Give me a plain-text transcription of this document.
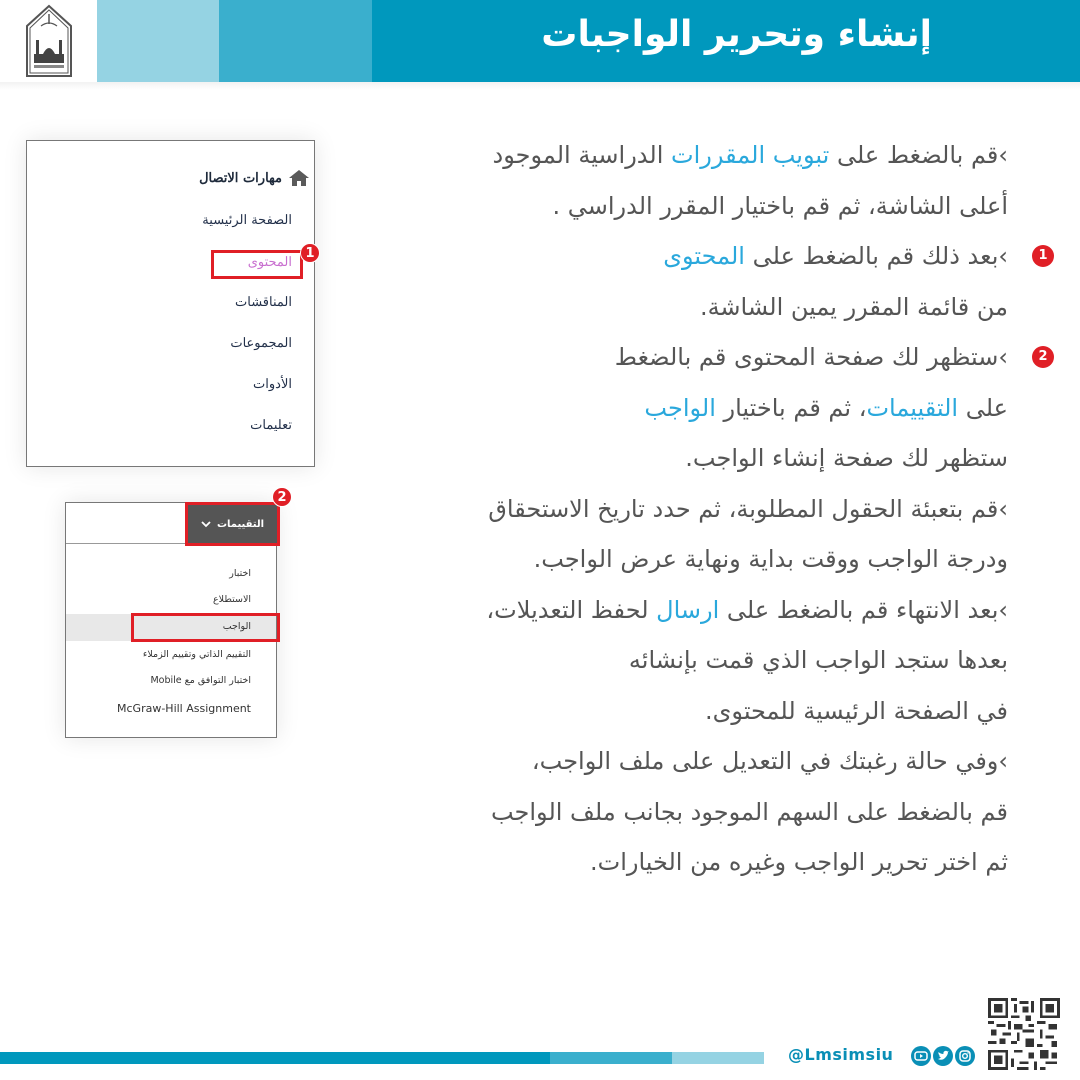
إنشاء وتحرير الواجبات
مهارات الاتصال
الصفحة الرئيسية
المحتوى
المناقشات
المجموعات
الأدوات
تعليمات
1
التقييمات
2
اختبار
الاستطلاع
الواجب
التقييم الذاتي وتقييم الزملاء
اختبار التوافق مع Mobile
McGraw-Hill Assignment
›قم بالضغط على تبويب المقررات الدراسية الموجود
أعلى الشاشة، ثم قم باختيار المقرر الدراسي .
›بعد ذلك قم بالضغط على المحتوى	1
من قائمة المقرر يمين الشاشة.
›ستظهر لك صفحة المحتوى قم بالضغط	2
على التقييمات، ثم قم باختيار الواجب
ستظهر لك صفحة إنشاء الواجب.
›قم بتعبئة الحقول المطلوبة، ثم حدد تاريخ الاستحقاق
ودرجة الواجب ووقت بداية ونهاية عرض الواجب.
›بعد الانتهاء قم بالضغط على ارسال لحفظ التعديلات،
بعدها ستجد الواجب الذي قمت بإنشائه
في الصفحة الرئيسية للمحتوى.
›وفي حالة رغبتك في التعديل على ملف الواجب،
قم بالضغط على السهم الموجود بجانب ملف الواجب
ثم اختر تحرير الواجب وغيره من الخيارات.
@Lmsimsiu
